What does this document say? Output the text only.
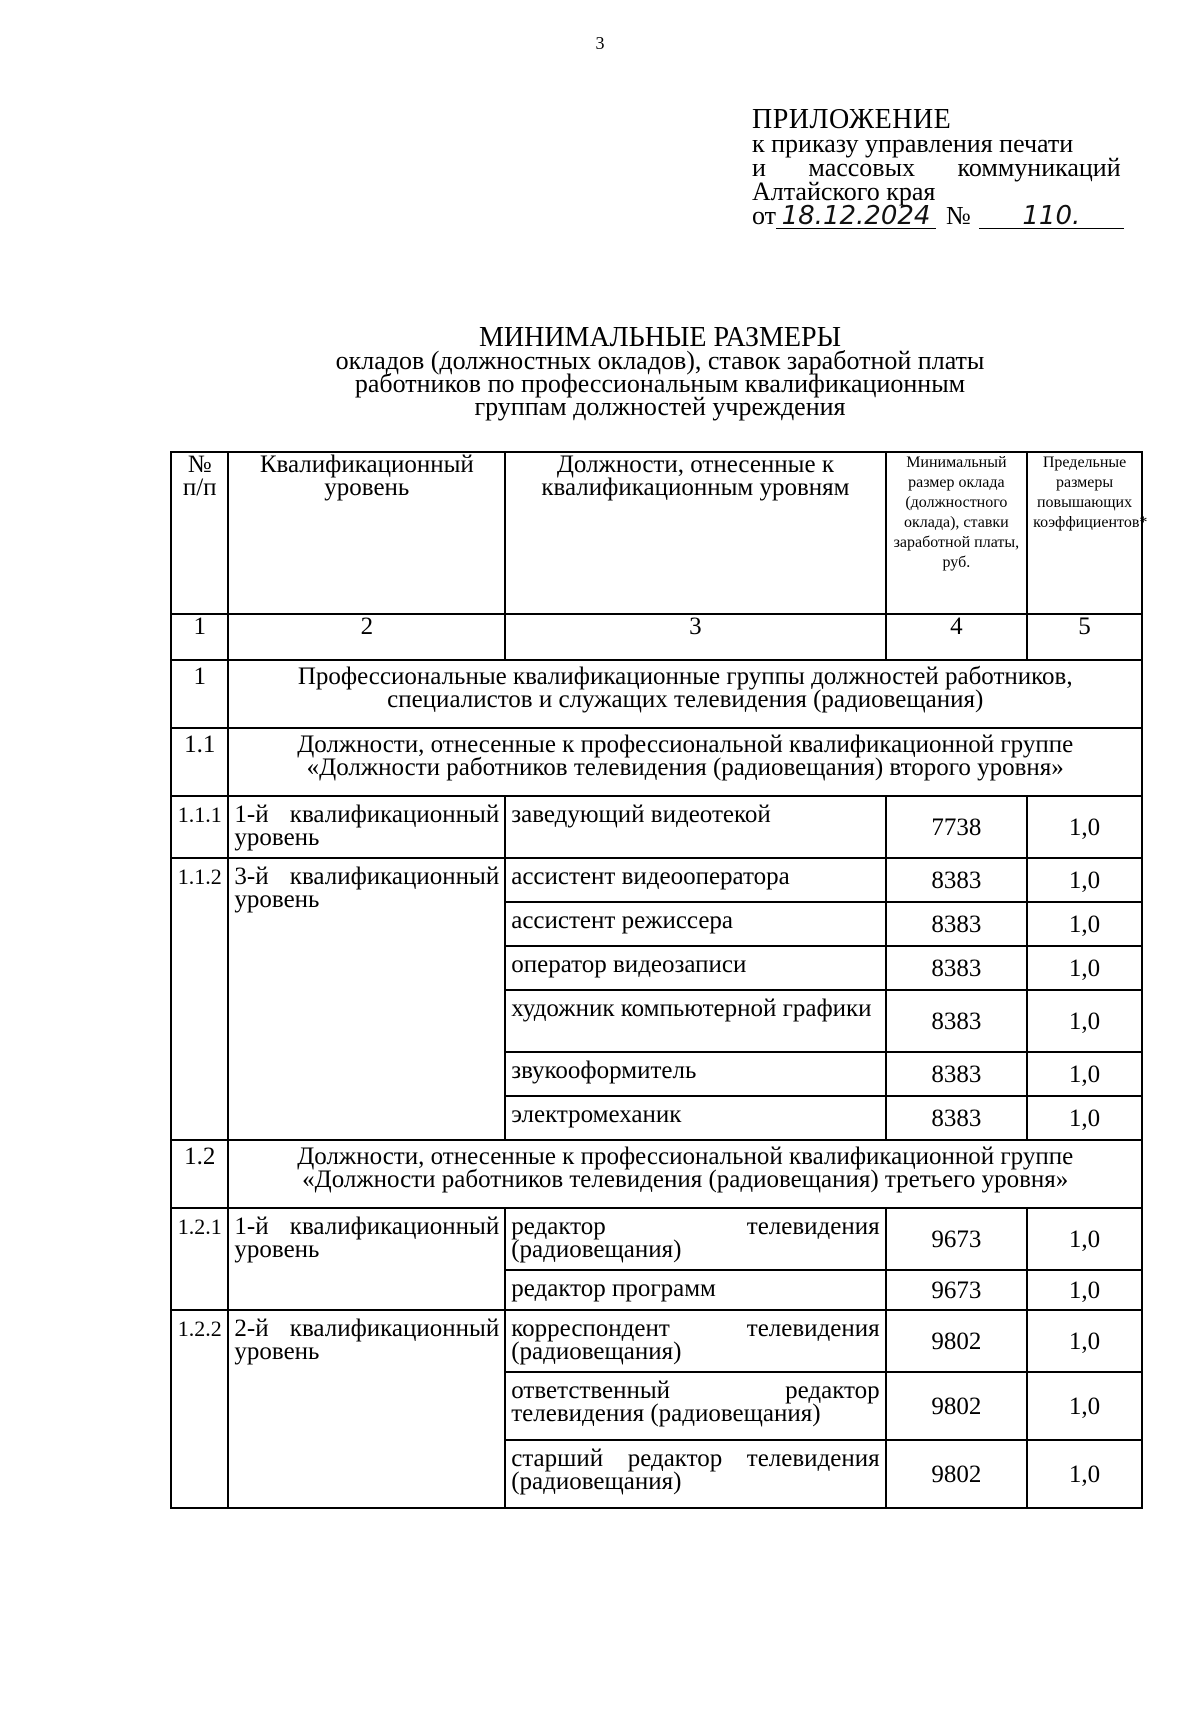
3
ПРИЛОЖЕНИЕ
к приказу управления печати
и массовых коммуникаций
Алтайского края
от 18.12.2024 №	110.
МИНИМАЛЬНЫЕ РАЗМЕРЫ
окладов (должностных окладов), ставок заработной платы
работников по профессиональным квалификационным
группам должностей учреждения
№ п/п	Квалификационный уровень	Должности, отнесенные к квалификационным уровням	Минимальный размер оклада (должностного оклада), ставки заработной платы, руб.	Предельные размеры повышающих коэффициентов*
1	2	3	4	5
1	Профессиональные квалификационные группы должностей работников, специалистов и служащих телевидения (радиовещания)			
1.1	Должности, отнесенные к профессиональной квалификационной группе «Должности работников телевидения (радиовещания) второго уровня»			
1.1.1	1-й квалификационный уровень	заведующий видеотекой	7738	1,0
1.1.2	3-й квалификационный уровень	ассистент видеооператора	8383	1,0
		ассистент режиссера	8383	1,0
		оператор видеозаписи	8383	1,0
		художник компьютерной графики	8383	1,0
		звукооформитель	8383	1,0
		электромеханик	8383	1,0
1.2	Должности, отнесенные к профессиональной квалификационной группе «Должности работников телевидения (радиовещания) третьего уровня»			
1.2.1	1-й квалификационный уровень	редактор телевидения (радиовещания)	9673	1,0
		редактор программ	9673	1,0
1.2.2	2-й квалификационный уровень	корреспондент телевидения (радиовещания)	9802	1,0
		ответственный редактор телевидения (радиовещания)	9802	1,0
		старший редактор телевидения (радиовещания)	9802	1,0
